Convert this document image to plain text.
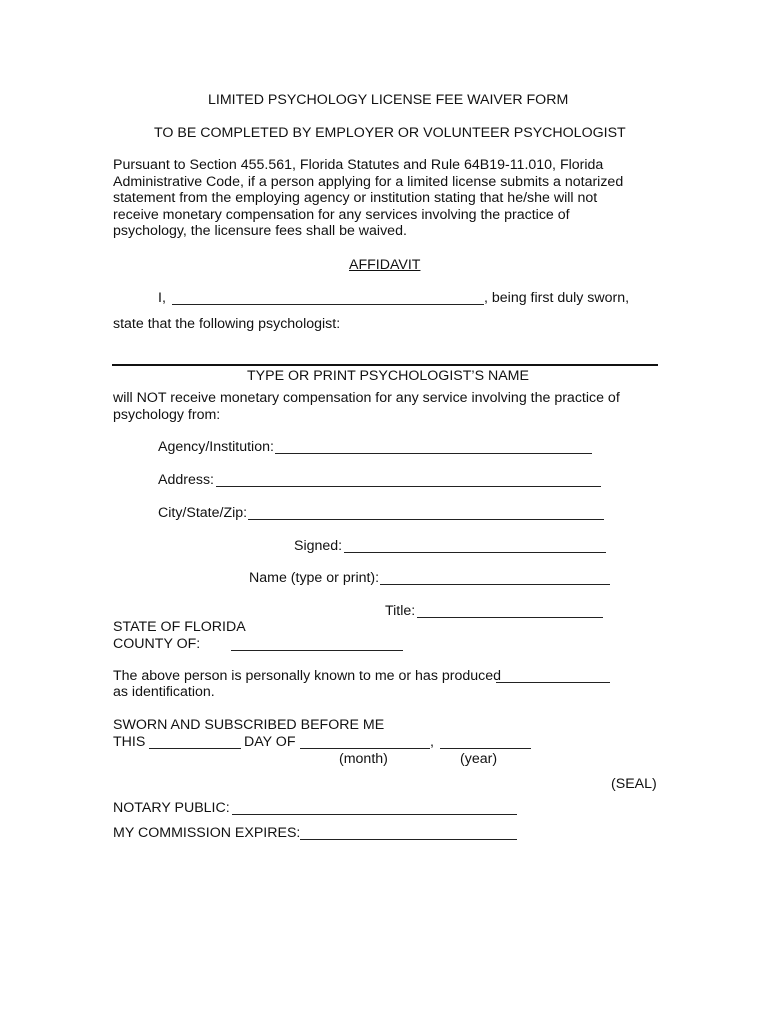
LIMITED PSYCHOLOGY LICENSE FEE WAIVER FORM
TO BE COMPLETED BY EMPLOYER OR VOLUNTEER PSYCHOLOGIST
Pursuant to Section 455.561, Florida Statutes and Rule 64B19-11.010, Florida Administrative Code, if a person applying for a limited license submits a notarized statement from the employing agency or institution stating that he/she will not receive monetary compensation for any services involving the practice of psychology, the licensure fees shall be waived.
AFFIDAVIT
I,	, being first duly sworn,
state that the following psychologist:
TYPE OR PRINT PSYCHOLOGIST’S NAME
will NOT receive monetary compensation for any service involving the practice of psychology from:
Agency/Institution:
Address:
City/State/Zip:
Signed:
Name (type or print):
Title:
STATE OF FLORIDA
COUNTY OF:
The above person is personally known to me or has produced
as identification.
SWORN AND SUBSCRIBED BEFORE ME
THIS	DAY OF	,
(month)	(year)
(SEAL)
NOTARY PUBLIC:
MY COMMISSION EXPIRES:
